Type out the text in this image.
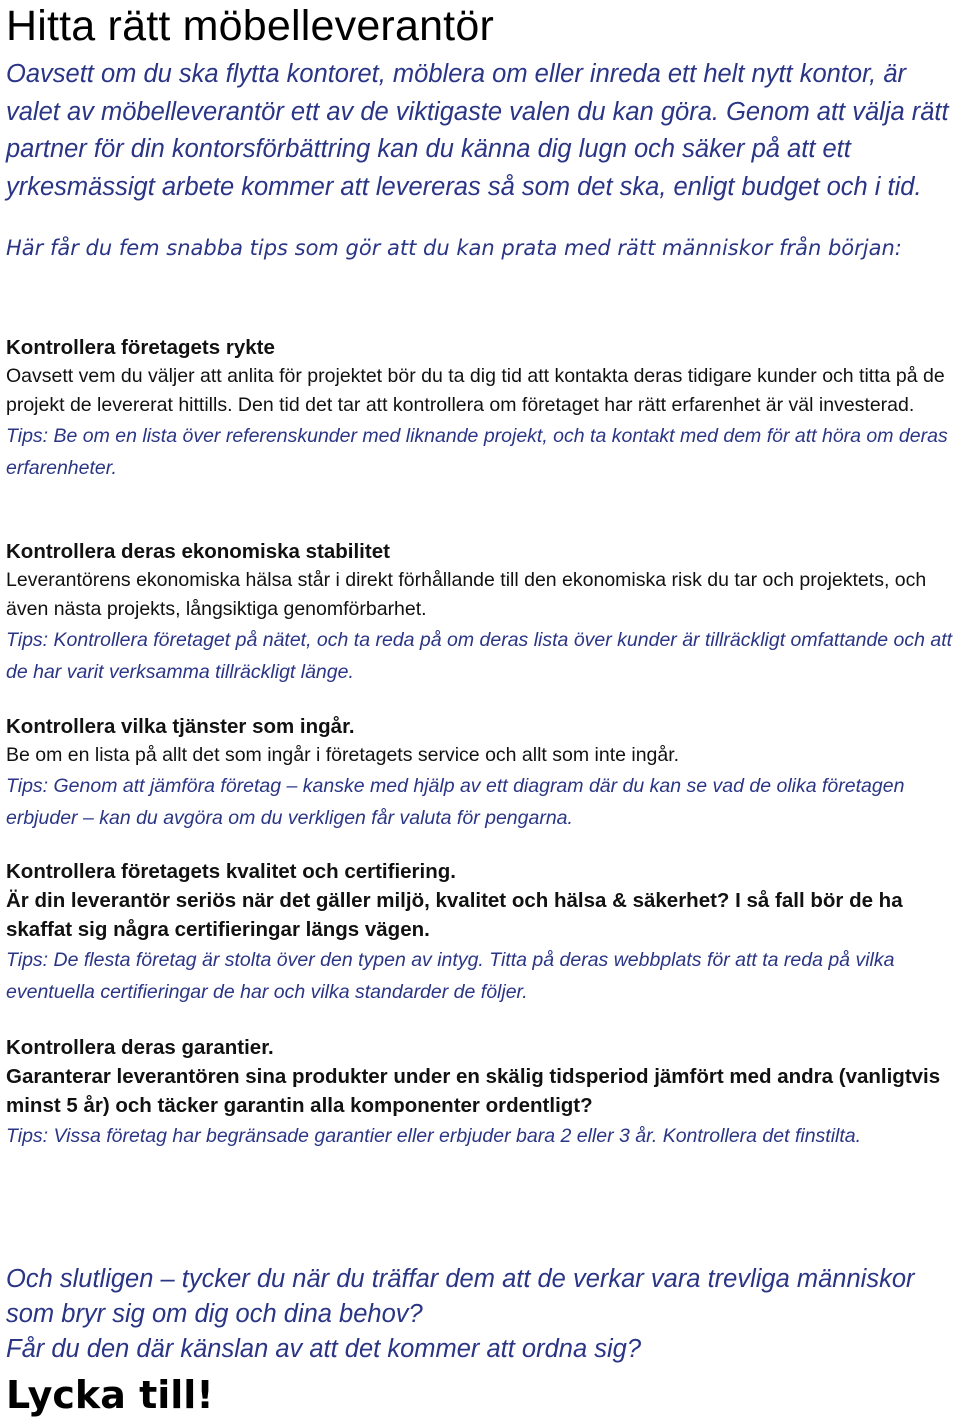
Hitta rätt möbelleverantör

Oavsett om du ska flytta kontoret, möblera om eller inreda ett helt nytt kontor, är valet av möbelleverantör ett av de viktigaste valen du kan göra. Genom att välja rätt partner för din kontorsförbättring kan du känna dig lugn och säker på att ett yrkesmässigt arbete kommer att levereras så som det ska, enligt budget och i tid.

Här får du fem snabba tips som gör att du kan prata med rätt människor från början:

Kontrollera företagets rykte

Oavsett vem du väljer att anlita för projektet bör du ta dig tid att kontakta deras tidigare kunder och titta på de projekt de levererat hittills. Den tid det tar att kontrollera om företaget har rätt erfarenhet är väl investerad.

Tips: Be om en lista över referenskunder med liknande projekt, och ta kontakt med dem för att höra om deras erfarenheter.

Kontrollera deras ekonomiska stabilitet

Leverantörens ekonomiska hälsa står i direkt förhållande till den ekonomiska risk du tar och projektets, och även nästa projekts, långsiktiga genomförbarhet.

Tips: Kontrollera företaget på nätet, och ta reda på om deras lista över kunder är tillräckligt omfattande och att de har varit verksamma tillräckligt länge.

Kontrollera vilka tjänster som ingår.

Be om en lista på allt det som ingår i företagets service och allt som inte ingår.

Tips: Genom att jämföra företag – kanske med hjälp av ett diagram där du kan se vad de olika företagen erbjuder – kan du avgöra om du verkligen får valuta för pengarna.

Kontrollera företagets kvalitet och certifiering.

Är din leverantör seriös när det gäller miljö, kvalitet och hälsa & säkerhet? I så fall bör de ha skaffat sig några certifieringar längs vägen.

Tips: De flesta företag är stolta över den typen av intyg. Titta på deras webbplats för att ta reda på vilka eventuella certifieringar de har och vilka standarder de följer.

Kontrollera deras garantier.

Garanterar leverantören sina produkter under en skälig tidsperiod jämfört med andra (vanligtvis minst 5 år) och täcker garantin alla komponenter ordentligt?

Tips: Vissa företag har begränsade garantier eller erbjuder bara 2 eller 3 år. Kontrollera det finstilta.

Och slutligen – tycker du när du träffar dem att de verkar vara trevliga människor som bryr sig om dig och dina behov?
Får du den där känslan av att det kommer att ordna sig?

Lycka till!
